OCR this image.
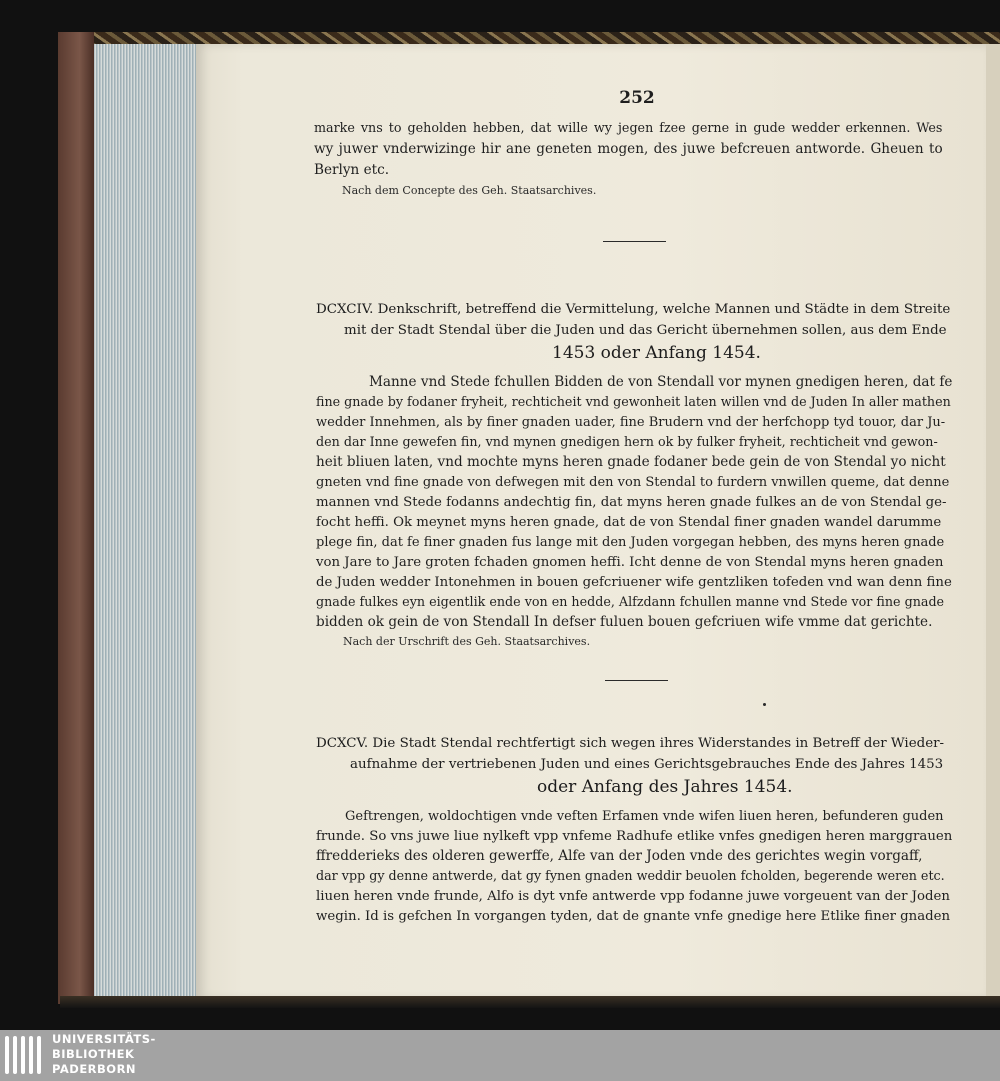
252
marke vns to geholden hebben, dat wille wy jegen fzee gerne in gude wedder erkennen. Wes
wy juwer vnderwizinge hir ane geneten mogen, des juwe befcreuen antworde. Gheuen to
Berlyn etc.
Nach dem Concepte des Geh. Staatsarchives.
DCXCIV. Denkschrift, betreffend die Vermittelung, welche Mannen und Städte in dem Streite
mit der Stadt Stendal über die Juden und das Gericht übernehmen sollen, aus dem Ende
1453 oder Anfang 1454.
Manne vnd Stede fchullen Bidden de von Stendall vor mynen gnedigen heren, dat fe
fine gnade by fodaner fryheit, rechticheit vnd gewonheit laten willen vnd de Juden In aller mathen
wedder Innehmen, als by finer gnaden uader, fine Brudern vnd der herfchopp tyd touor, dar Ju-
den dar Inne gewefen fin, vnd mynen gnedigen hern ok by fulker fryheit, rechticheit vnd gewon-
heit bliuen laten, vnd mochte myns heren gnade fodaner bede gein de von Stendal yo nicht
gneten vnd fine gnade von defwegen mit den von Stendal to furdern vnwillen queme, dat denne
mannen vnd Stede fodanns andechtig fin, dat myns heren gnade fulkes an de von Stendal ge-
focht heffi. Ok meynet myns heren gnade, dat de von Stendal finer gnaden wandel darumme
plege fin, dat fe finer gnaden fus lange mit den Juden vorgegan hebben, des myns heren gnade
von Jare to Jare groten fchaden gnomen heffi. Icht denne de von Stendal myns heren gnaden
de Juden wedder Intonehmen in bouen gefcriuener wife gentzliken tofeden vnd wan denn fine
gnade fulkes eyn eigentlik ende von en hedde, Alfzdann fchullen manne vnd Stede vor fine gnade
bidden ok gein de von Stendall In defser fuluen bouen gefcriuen wife vmme dat gerichte.
Nach der Urschrift des Geh. Staatsarchives.
DCXCV. Die Stadt Stendal rechtfertigt sich wegen ihres Widerstandes in Betreff der Wieder-
aufnahme der vertriebenen Juden und eines Gerichtsgebrauches Ende des Jahres 1453
oder Anfang des Jahres 1454.
Geftrengen, woldochtigen vnde veften Erfamen vnde wifen liuen heren, befunderen guden
frunde. So vns juwe liue nylkeft vpp vnfeme Radhufe etlike vnfes gnedigen heren marggrauen
ffredderieks des olderen gewerffe, Alfe van der Joden vnde des gerichtes wegin vorgaff,
dar vpp gy denne antwerde, dat gy fynen gnaden weddir beuolen fcholden, begerende weren etc.
liuen heren vnde frunde, Alfo is dyt vnfe antwerde vpp fodanne juwe vorgeuent van der Joden
wegin. Id is gefchen In vorgangen tyden, dat de gnante vnfe gnedige here Etlike finer gnaden
UNIVERSITÄTS-
BIBLIOTHEK
PADERBORN
